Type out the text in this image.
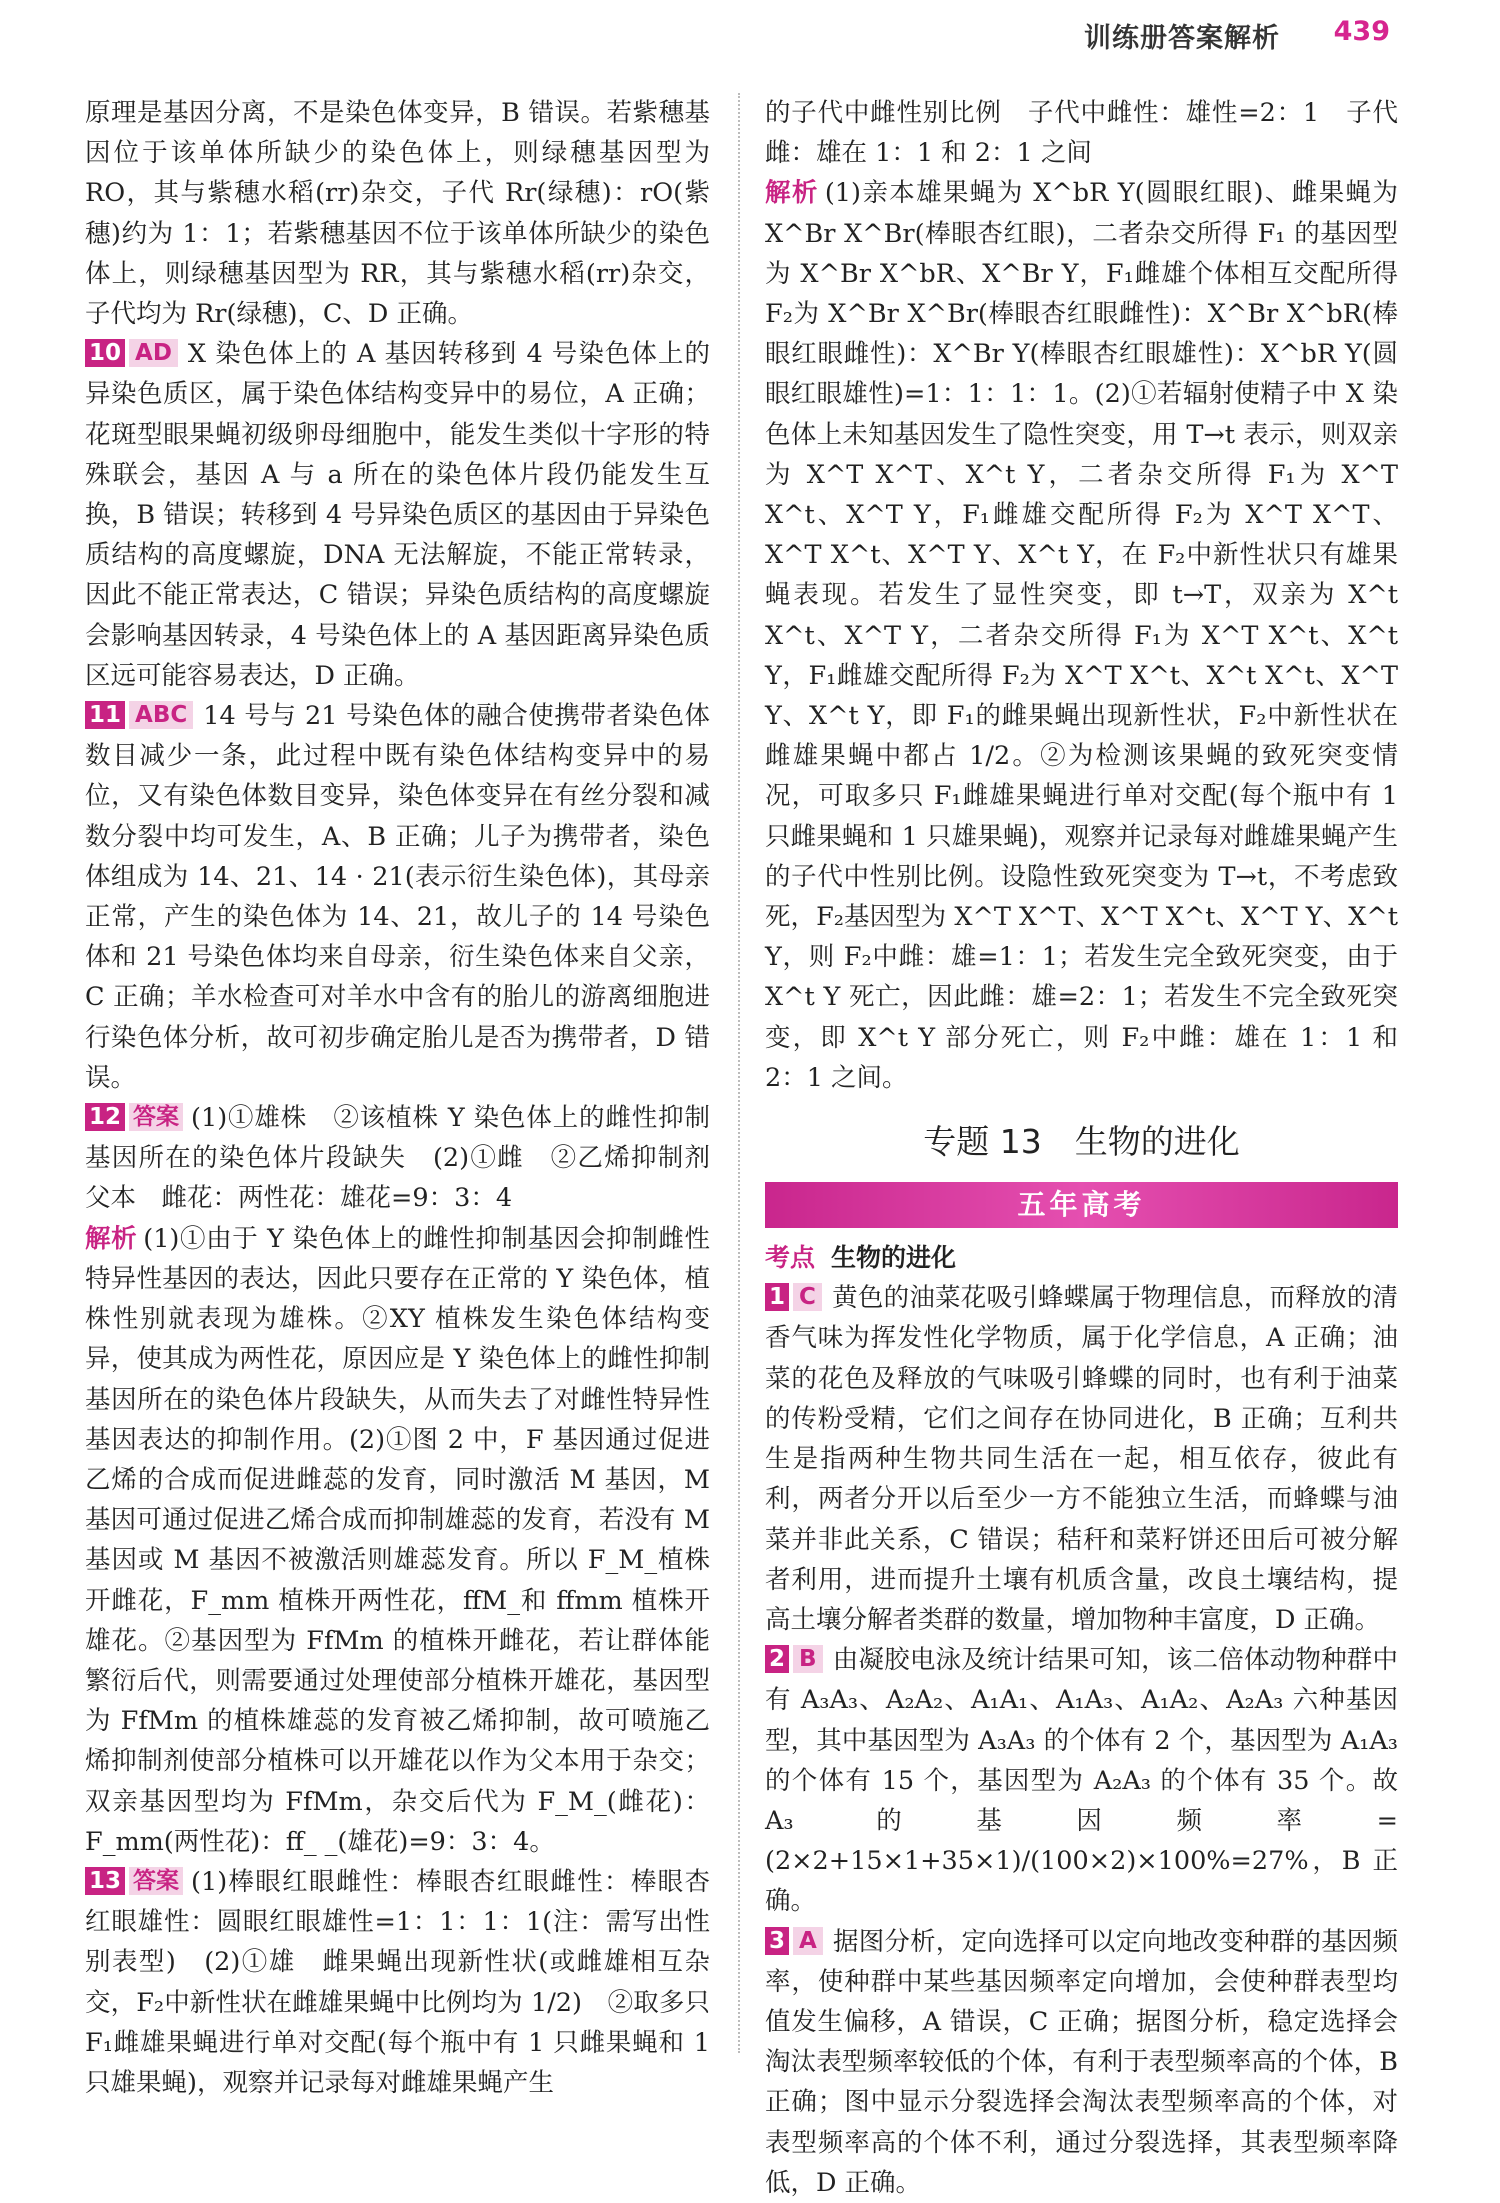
训练册答案解析 439

原理是基因分离，不是染色体变异，B 错误。若紫穗基因位于该单体所缺少的染色体上，则绿穗基因型为 RO，其与紫穗水稻(rr)杂交，子代 Rr(绿穗)：rO(紫穗)约为 1：1；若紫穗基因不位于该单体所缺少的染色体上，则绿穗基因型为 RR，其与紫穗水稻(rr)杂交，子代均为 Rr(绿穗)，C、D 正确。

10 AD X 染色体上的 A 基因转移到 4 号染色体上的异染色质区，属于染色体结构变异中的易位，A 正确；花斑型眼果蝇初级卵母细胞中，能发生类似十字形的特殊联会，基因 A 与 a 所在的染色体片段仍能发生互换，B 错误；转移到 4 号异染色质区的基因由于异染色质结构的高度螺旋，DNA 无法解旋，不能正常转录，因此不能正常表达，C 错误；异染色质结构的高度螺旋会影响基因转录，4 号染色体上的 A 基因距离异染色质区远可能容易表达，D 正确。

11 ABC 14 号与 21 号染色体的融合使携带者染色体数目减少一条，此过程中既有染色体结构变异中的易位，又有染色体数目变异，染色体变异在有丝分裂和减数分裂中均可发生，A、B 正确；儿子为携带者，染色体组成为 14、21、14 · 21(表示衍生染色体)，其母亲正常，产生的染色体为 14、21，故儿子的 14 号染色体和 21 号染色体均来自母亲，衍生染色体来自父亲，C 正确；羊水检查可对羊水中含有的胎儿的游离细胞进行染色体分析，故可初步确定胎儿是否为携带者，D 错误。

12 答案 (1)①雄株　②该植株 Y 染色体上的雌性抑制基因所在的染色体片段缺失　(2)①雌　②乙烯抑制剂　父本　雌花：两性花：雄花=9：3：4

解析 (1)①由于 Y 染色体上的雌性抑制基因会抑制雌性特异性基因的表达，因此只要存在正常的 Y 染色体，植株性别就表现为雄株。②XY 植株发生染色体结构变异，使其成为两性花，原因应是 Y 染色体上的雌性抑制基因所在的染色体片段缺失，从而失去了对雌性特异性基因表达的抑制作用。(2)①图 2 中，F 基因通过促进乙烯的合成而促进雌蕊的发育，同时激活 M 基因，M 基因可通过促进乙烯合成而抑制雄蕊的发育，若没有 M 基因或 M 基因不被激活则雄蕊发育。所以 F_M_植株开雌花，F_mm 植株开两性花，ffM_和 ffmm 植株开雄花。②基因型为 FfMm 的植株开雌花，若让群体能繁衍后代，则需要通过处理使部分植株开雄花，基因型为 FfMm 的植株雄蕊的发育被乙烯抑制，故可喷施乙烯抑制剂使部分植株可以开雄花以作为父本用于杂交；双亲基因型均为 FfMm，杂交后代为 F_M_(雌花)：F_mm(两性花)：ff_ _(雄花)=9：3：4。

13 答案 (1)棒眼红眼雌性：棒眼杏红眼雌性：棒眼杏红眼雄性：圆眼红眼雄性=1：1：1：1(注：需写出性别表型)　(2)①雄　雌果蝇出现新性状(或雌雄相互杂交，F₂中新性状在雌雄果蝇中比例均为 1/2)　②取多只 F₁雌雄果蝇进行单对交配(每个瓶中有 1 只雌果蝇和 1 只雄果蝇)，观察并记录每对雌雄果蝇产生

的子代中雌性别比例　子代中雌性：雄性=2：1　子代雌：雄在 1：1 和 2：1 之间

解析 (1)亲本雄果蝇为 X^bR Y(圆眼红眼)、雌果蝇为 X^Br X^Br(棒眼杏红眼)，二者杂交所得 F₁ 的基因型为 X^Br X^bR、X^Br Y，F₁雌雄个体相互交配所得 F₂为 X^Br X^Br(棒眼杏红眼雌性)：X^Br X^bR(棒眼红眼雌性)：X^Br Y(棒眼杏红眼雄性)：X^bR Y(圆眼红眼雄性)=1：1：1：1。(2)①若辐射使精子中 X 染色体上未知基因发生了隐性突变，用 T→t 表示，则双亲为 X^T X^T、X^t Y，二者杂交所得 F₁为 X^T X^t、X^T Y，F₁雌雄交配所得 F₂为 X^T X^T、X^T X^t、X^T Y、X^t Y，在 F₂中新性状只有雄果蝇表现。若发生了显性突变，即 t→T，双亲为 X^t X^t、X^T Y，二者杂交所得 F₁为 X^T X^t、X^t Y，F₁雌雄交配所得 F₂为 X^T X^t、X^t X^t、X^T Y、X^t Y，即 F₁的雌果蝇出现新性状，F₂中新性状在雌雄果蝇中都占 1/2。②为检测该果蝇的致死突变情况，可取多只 F₁雌雄果蝇进行单对交配(每个瓶中有 1 只雌果蝇和 1 只雄果蝇)，观察并记录每对雌雄果蝇产生的子代中性别比例。设隐性致死突变为 T→t，不考虑致死，F₂基因型为 X^T X^T、X^T X^t、X^T Y、X^t Y，则 F₂中雌：雄=1：1；若发生完全致死突变，由于 X^t Y 死亡，因此雌：雄=2：1；若发生不完全致死突变，即 X^t Y 部分死亡，则 F₂中雌：雄在 1：1 和 2：1 之间。

专题 13　生物的进化
五年高考

考点 生物的进化

1 C 黄色的油菜花吸引蜂蝶属于物理信息，而释放的清香气味为挥发性化学物质，属于化学信息，A 正确；油菜的花色及释放的气味吸引蜂蝶的同时，也有利于油菜的传粉受精，它们之间存在协同进化，B 正确；互利共生是指两种生物共同生活在一起，相互依存，彼此有利，两者分开以后至少一方不能独立生活，而蜂蝶与油菜并非此关系，C 错误；秸秆和菜籽饼还田后可被分解者利用，进而提升土壤有机质含量，改良土壤结构，提高土壤分解者类群的数量，增加物种丰富度，D 正确。

2 B 由凝胶电泳及统计结果可知，该二倍体动物种群中有 A₃A₃、A₂A₂、A₁A₁、A₁A₃、A₁A₂、A₂A₃ 六种基因型，其中基因型为 A₃A₃ 的个体有 2 个，基因型为 A₁A₃ 的个体有 15 个，基因型为 A₂A₃ 的个体有 35 个。故 A₃ 的基因频率=(2×2+15×1+35×1)/(100×2)×100%=27%，B 正确。

3 A 据图分析，定向选择可以定向地改变种群的基因频率，使种群中某些基因频率定向增加，会使种群表型均值发生偏移，A 错误，C 正确；据图分析，稳定选择会淘汰表型频率较低的个体，有利于表型频率高的个体，B 正确；图中显示分裂选择会淘汰表型频率高的个体，对表型频率高的个体不利，通过分裂选择，其表型频率降低，D 正确。
